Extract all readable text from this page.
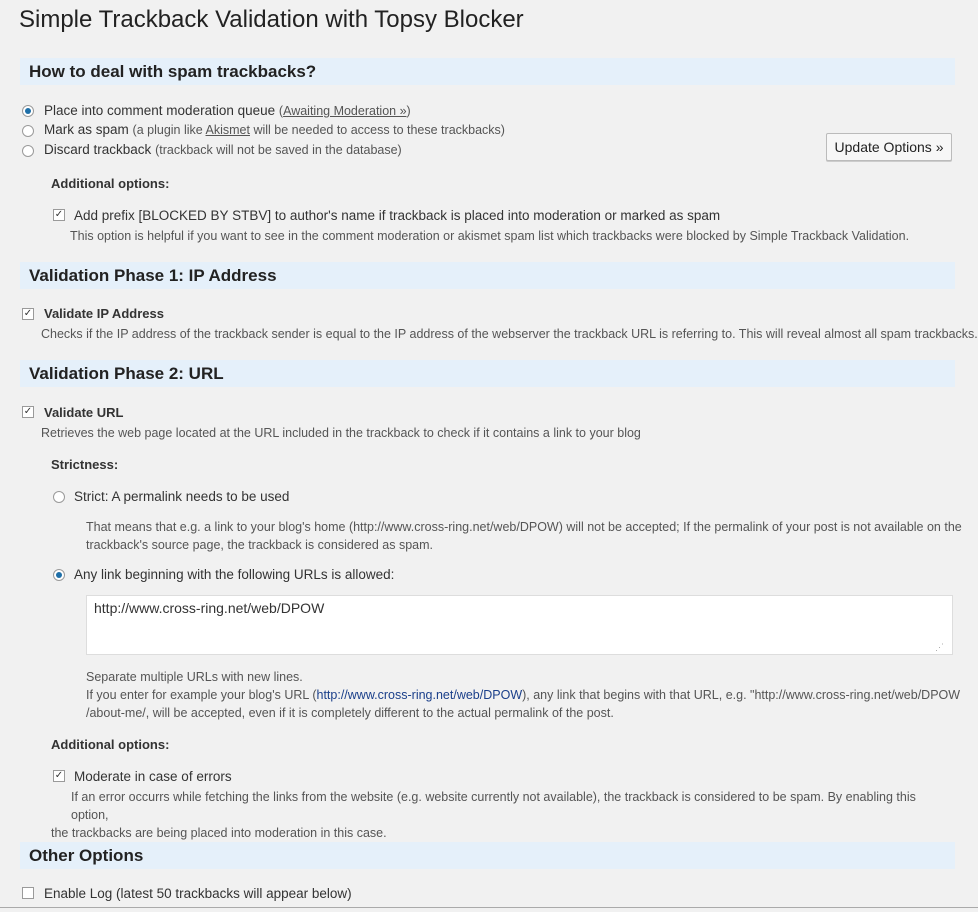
Simple Trackback Validation with Topsy Blocker
How to deal with spam trackbacks?
Place into comment moderation queue (Awaiting Moderation »)
Mark as spam (a plugin like Akismet will be needed to access to these trackbacks)
Discard trackback (trackback will not be saved in the database)	Update Options »
Additional options:
✓ Add prefix [BLOCKED BY STBV] to author's name if trackback is placed into moderation or marked as spam
This option is helpful if you want to see in the comment moderation or akismet spam list which trackbacks were blocked by Simple Trackback Validation.
Validation Phase 1: IP Address
✓ Validate IP Address
Checks if the IP address of the trackback sender is equal to the IP address of the webserver the trackback URL is referring to. This will reveal almost all spam trackbacks.
Validation Phase 2: URL
✓ Validate URL
Retrieves the web page located at the URL included in the trackback to check if it contains a link to your blog
Strictness:
Strict: A permalink needs to be used
That means that e.g. a link to your blog's home (http://www.cross-ring.net/web/DPOW) will not be accepted; If the permalink of your post is not available on the
trackback's source page, the trackback is considered as spam.
Any link beginning with the following URLs is allowed:
http://www.cross-ring.net/web/DPOW
⋰
Separate multiple URLs with new lines.
If you enter for example your blog's URL (http://www.cross-ring.net/web/DPOW), any link that begins with that URL, e.g. "http://www.cross-ring.net/web/DPOW
/about-me/, will be accepted, even if it is completely different to the actual permalink of the post.
Additional options:
✓ Moderate in case of errors
If an error occurrs while fetching the links from the website (e.g. website currently not available), the trackback is considered to be spam. By enabling this option,
the trackbacks are being placed into moderation in this case.
Other Options
Enable Log (latest 50 trackbacks will appear below)
